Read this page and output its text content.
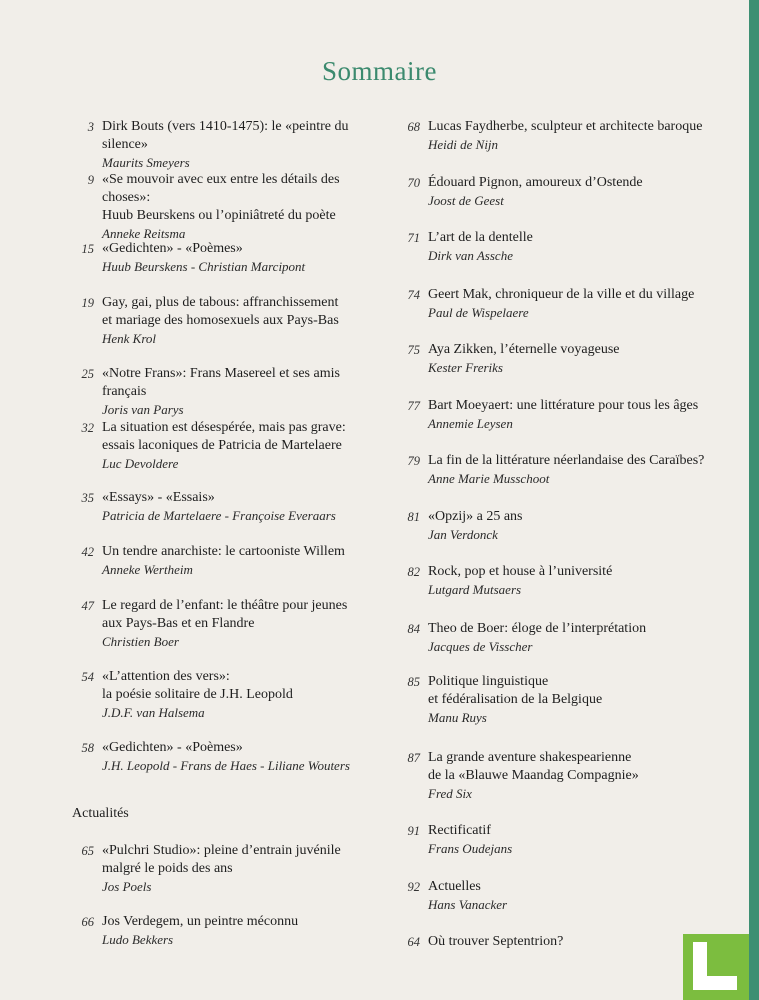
Sommaire
3 Dirk Bouts (vers 1410-1475): le «peintre du silence»
Maurits Smeyers
9 «Se mouvoir avec eux entre les détails des choses»:
Huub Beurskens ou l’opiniâtreté du poète
Anneke Reitsma
15 «Gedichten» - «Poèmes»
Huub Beurskens - Christian Marcipont
19 Gay, gai, plus de tabous: affranchissement
et mariage des homosexuels aux Pays-Bas
Henk Krol
25 «Notre Frans»: Frans Masereel et ses amis français
Joris van Parys
32 La situation est désespérée, mais pas grave:
essais laconiques de Patricia de Martelaere
Luc Devoldere
35 «Essays» - «Essais»
Patricia de Martelaere - Françoise Everaars
42 Un tendre anarchiste: le cartooniste Willem
Anneke Wertheim
47 Le regard de l’enfant: le théâtre pour jeunes
aux Pays-Bas et en Flandre
Christien Boer
54 «L’attention des vers»:
la poésie solitaire de J.H. Leopold
J.D.F. van Halsema
58 «Gedichten» - «Poèmes»
J.H. Leopold - Frans de Haes - Liliane Wouters
Actualités
65 «Pulchri Studio»: pleine d’entrain juvénile
malgré le poids des ans
Jos Poels
66 Jos Verdegem, un peintre méconnu
Ludo Bekkers
68 Lucas Faydherbe, sculpteur et architecte baroque
Heidi de Nijn
70 Édouard Pignon, amoureux d’Ostende
Joost de Geest
71 L’art de la dentelle
Dirk van Assche
74 Geert Mak, chroniqueur de la ville et du village
Paul de Wispelaere
75 Aya Zikken, l’éternelle voyageuse
Kester Freriks
77 Bart Moeyaert: une littérature pour tous les âges
Annemie Leysen
79 La fin de la littérature néerlandaise des Caraïbes?
Anne Marie Musschoot
81 «Opzij» a 25 ans
Jan Verdonck
82 Rock, pop et house à l’université
Lutgard Mutsaers
84 Theo de Boer: éloge de l’interprétation
Jacques de Visscher
85 Politique linguistique
et fédéralisation de la Belgique
Manu Ruys
87 La grande aventure shakespearienne
de la «Blauwe Maandag Compagnie»
Fred Six
91 Rectificatif
Frans Oudejans
92 Actuelles
Hans Vanacker
64 Où trouver Septentrion?
